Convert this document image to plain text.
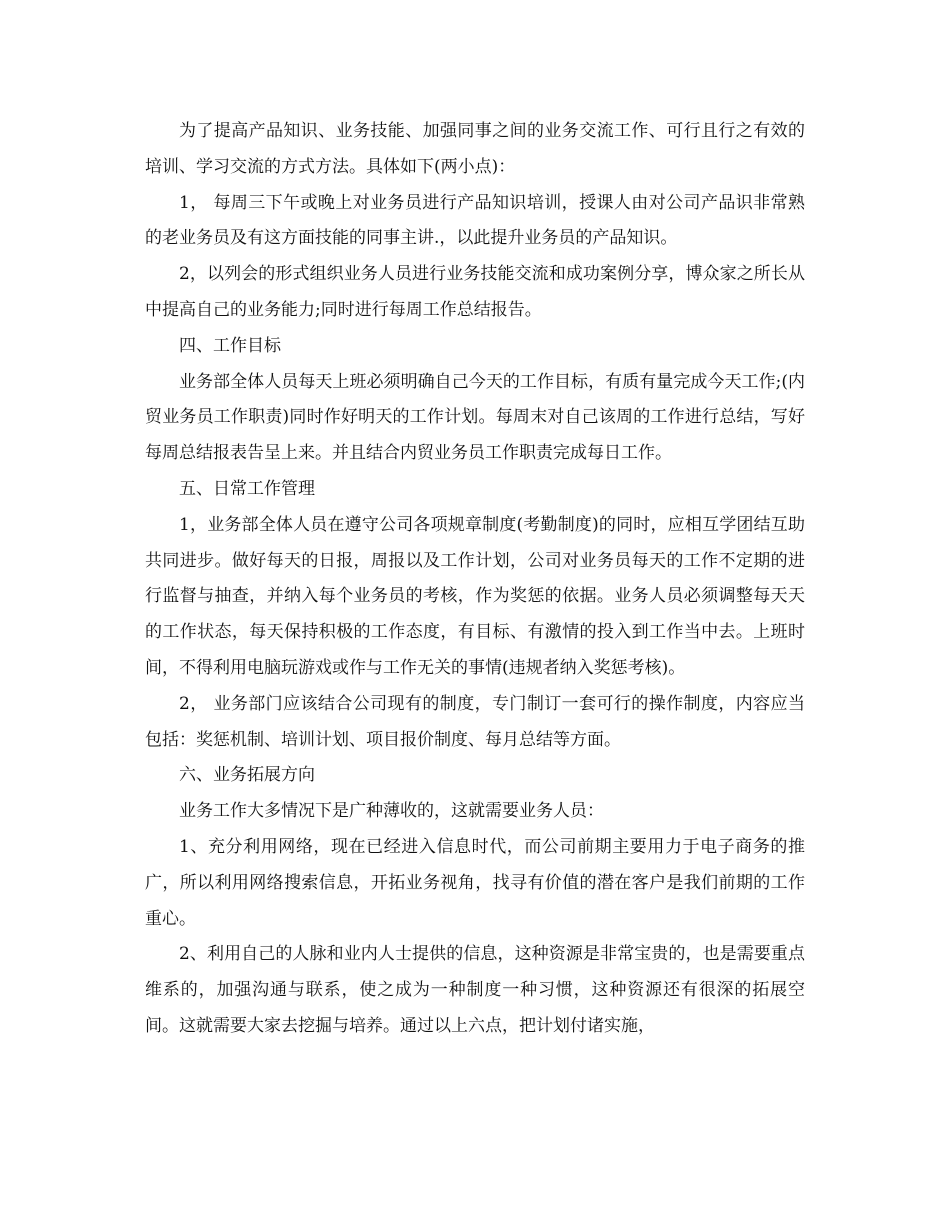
为了提高产品知识、业务技能、加强同事之间的业务交流工作、可行且行之有效的培训、学习交流的方式方法。具体如下(两小点)：

1， 每周三下午或晚上对业务员进行产品知识培训，授课人由对公司产品识非常熟的老业务员及有这方面技能的同事主讲.，以此提升业务员的产品知识。

2，以列会的形式组织业务人员进行业务技能交流和成功案例分享，博众家之所长从中提高自己的业务能力;同时进行每周工作总结报告。

四、工作目标

业务部全体人员每天上班必须明确自己今天的工作目标，有质有量完成今天工作;(内贸业务员工作职责)同时作好明天的工作计划。每周末对自己该周的工作进行总结，写好每周总结报表告呈上来。并且结合内贸业务员工作职责完成每日工作。

五、日常工作管理

1，业务部全体人员在遵守公司各项规章制度(考勤制度)的同时，应相互学团结互助共同进步。做好每天的日报，周报以及工作计划，公司对业务员每天的工作不定期的进行监督与抽查，并纳入每个业务员的考核，作为奖惩的依据。业务人员必须调整每天天的工作状态，每天保持积极的工作态度，有目标、有激情的投入到工作当中去。上班时间，不得利用电脑玩游戏或作与工作无关的事情(违规者纳入奖惩考核)。

2， 业务部门应该结合公司现有的制度，专门制订一套可行的操作制度，内容应当包括：奖惩机制、培训计划、项目报价制度、每月总结等方面。

六、业务拓展方向

业务工作大多情况下是广种薄收的，这就需要业务人员：

1、充分利用网络，现在已经进入信息时代，而公司前期主要用力于电子商务的推广，所以利用网络搜索信息，开拓业务视角，找寻有价值的潜在客户是我们前期的工作重心。

2、利用自己的人脉和业内人士提供的信息，这种资源是非常宝贵的，也是需要重点维系的，加强沟通与联系，使之成为一种制度一种习惯，这种资源还有很深的拓展空间。这就需要大家去挖掘与培养。通过以上六点，把计划付诸实施，
